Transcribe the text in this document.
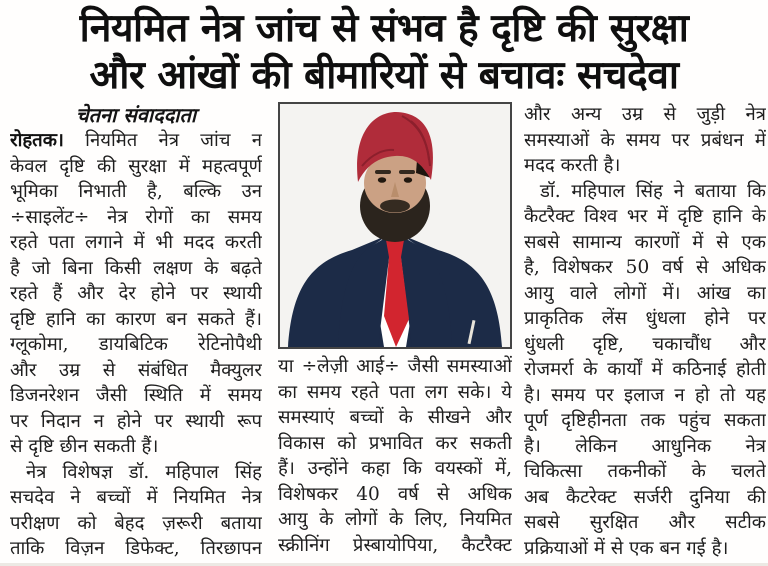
नियमित नेत्र जांच से संभव है दृष्टि की सुरक्षा
और आंखों की बीमारियों से बचावः सचदेवा
चेतना संवाददाता
रोहतक। नियमित नेत्र जांच न
केवल दृष्टि की सुरक्षा में महत्वपूर्ण
भूमिका निभाती है, बल्कि उन
÷साइलेंट÷ नेत्र रोगों का समय
रहते पता लगाने में भी मदद करती
है जो बिना किसी लक्षण के बढ़ते
रहते हैं और देर होने पर स्थायी
दृष्टि हानि का कारण बन सकते हैं।
ग्लूकोमा, डायबिटिक रेटिनोपैथी
और उम्र से संबंधित मैक्युलर
डिजनरेशन जैसी स्थिति में समय
पर निदान न होने पर स्थायी रूप
से दृष्टि छीन सकती हैं।
नेत्र विशेषज्ञ डॉ. महिपाल सिंह
सचदेव ने बच्चों में नियमित नेत्र
परीक्षण को बेहद ज़रूरी बताया
ताकि विज़न डिफेक्ट, तिरछापन
या ÷लेज़ी आई÷ जैसी समस्याओं
का समय रहते पता लग सके। ये
समस्याएं बच्चों के सीखने और
विकास को प्रभावित कर सकती
हैं। उन्होंने कहा कि वयस्कों में,
विशेषकर 40 वर्ष से अधिक
आयु के लोगों के लिए, नियमित
स्क्रीनिंग प्रेस्बायोपिया, कैटरैक्ट
और अन्य उम्र से जुड़ी नेत्र
समस्याओं के समय पर प्रबंधन में
मदद करती है।
डॉ. महिपाल सिंह ने बताया कि
कैटरैक्ट विश्व भर में दृष्टि हानि के
सबसे सामान्य कारणों में से एक
है, विशेषकर 50 वर्ष से अधिक
आयु वाले लोगों में। आंख का
प्राकृतिक लेंस धुंधला होने पर
धुंधली दृष्टि, चकाचौंध और
रोजमर्रा के कार्यों में कठिनाई होती
है। समय पर इलाज न हो तो यह
पूर्ण दृष्टिहीनता तक पहुंच सकता
है। लेकिन आधुनिक नेत्र
चिकित्सा तकनीकों के चलते
अब कैटरेक्ट सर्जरी दुनिया की
सबसे सुरक्षित और सटीक
प्रक्रियाओं में से एक बन गई है।
